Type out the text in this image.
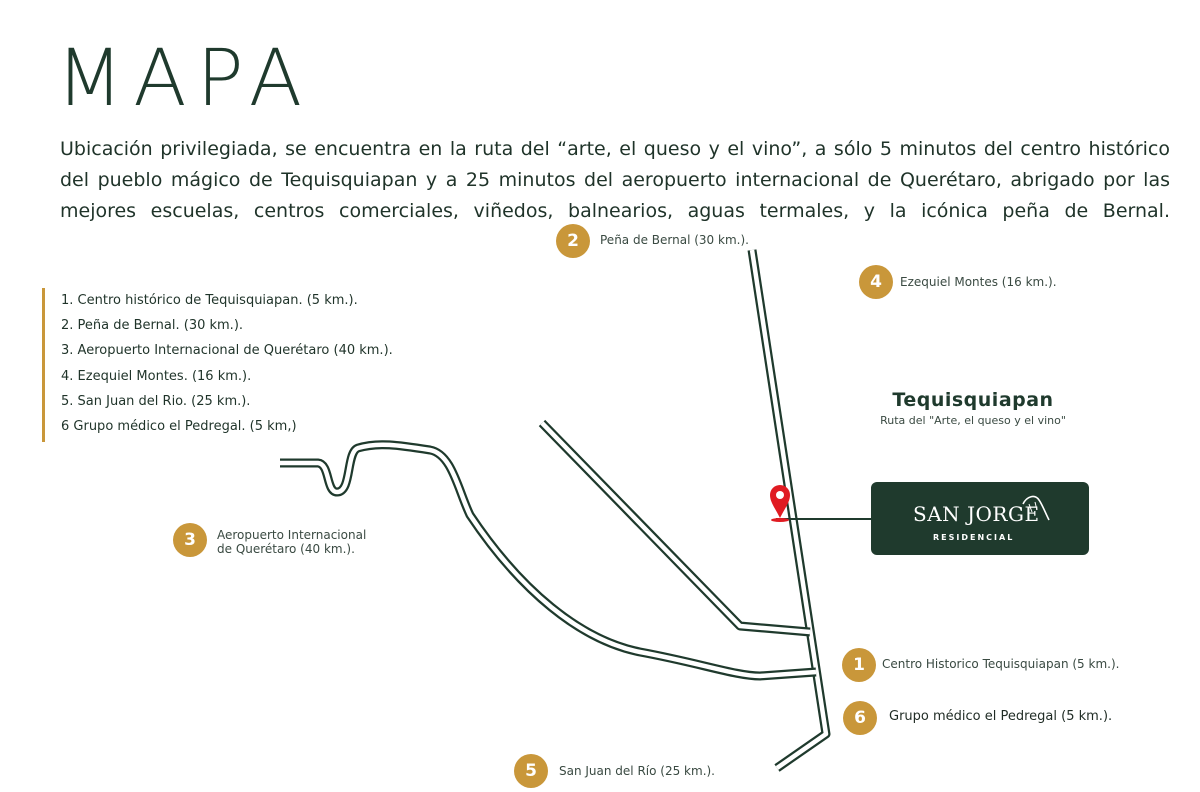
MAPA
Ubicación privilegiada, se encuentra en la ruta del “arte, el queso y el vino”, a sólo 5 minutos del centro histórico del pueblo mágico de Tequisquiapan y a 25 minutos del aeropuerto internacional de Querétaro, abrigado por las mejores escuelas, centros comerciales, viñedos, balnearios, aguas termales, y la icónica peña de Bernal.
1. Centro histórico de Tequisquiapan. (5 km.).
2. Peña de Bernal. (30 km.).
3. Aeropuerto Internacional de Querétaro (40 km.).
4. Ezequiel Montes. (16 km.).
5. San Juan del Rio. (25 km.).
6 Grupo médico el Pedregal. (5 km,)
2	Peña de Bernal (30 km.).
4	Ezequiel Montes (16 km.).
3	Aeropuerto Internacional
de Querétaro (40 km.).
1	Centro Historico Tequisquiapan (5 km.).
6	Grupo médico el Pedregal (5 km.).
5	San Juan del Río (25 km.).
Tequisquiapan
Ruta del "Arte, el queso y el vino"
SAN JORGE
RESIDENCIAL
